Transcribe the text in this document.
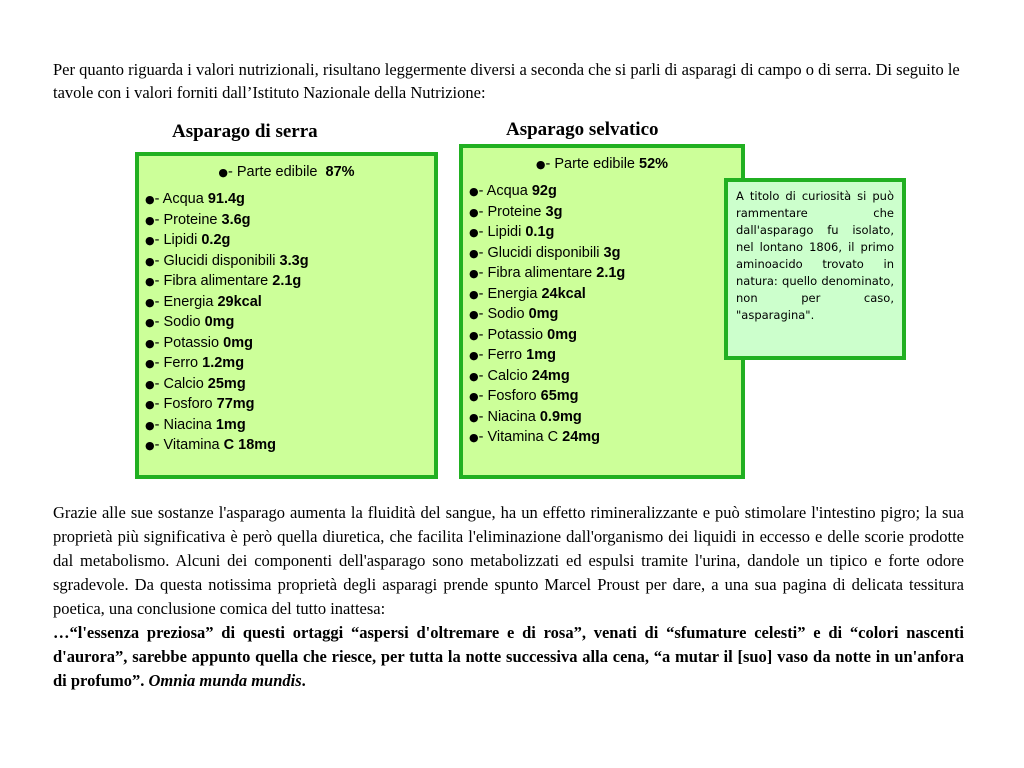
Per quanto riguarda i valori nutrizionali, risultano leggermente diversi a seconda che si parli di asparagi di campo o di serra. Di seguito le tavole con i valori forniti dall’Istituto Nazionale della Nutrizione:

Asparago di serra	Asparago selvatico
●- Parte edibile 87%
●- Acqua 91.4g
●- Proteine 3.6g
●- Lipidi 0.2g
●- Glucidi disponibili 3.3g
●- Fibra alimentare 2.1g
●- Energia 29kcal
●- Sodio 0mg
●- Potassio 0mg
●- Ferro 1.2mg
●- Calcio 25mg
●- Fosforo 77mg
●- Niacina 1mg
●- Vitamina C 18mg
●- Parte edibile 52%
●- Acqua 92g
●- Proteine 3g
●- Lipidi 0.1g
●- Glucidi disponibili 3g
●- Fibra alimentare 2.1g
●- Energia 24kcal
●- Sodio 0mg
●- Potassio 0mg
●- Ferro 1mg
●- Calcio 24mg
●- Fosforo 65mg
●- Niacina 0.9mg
●- Vitamina C 24mg

A titolo di curiosità si può rammentare che dall'asparago fu isolato, nel lontano 1806, il primo aminoacido trovato in natura: quello denominato, non per caso, "asparagina".

Grazie alle sue sostanze l'asparago aumenta la fluidità del sangue, ha un effetto rimineralizzante e può stimolare l'intestino pigro; la sua proprietà più significativa è però quella diuretica, che facilita l'eliminazione dall'organismo dei liquidi in eccesso e delle scorie prodotte dal metabolismo. Alcuni dei componenti dell'asparago sono metabolizzati ed espulsi tramite l'urina, dandole un tipico e forte odore sgradevole. Da questa notissima proprietà degli asparagi prende spunto Marcel Proust per dare, a una sua pagina di delicata tessitura poetica, una conclusione comica del tutto inattesa:

…“l'essenza preziosa” di questi ortaggi “aspersi d'oltremare e di rosa”, venati di “sfumature celesti” e di “colori nascenti d'aurora”, sarebbe appunto quella che riesce, per tutta la notte successiva alla cena, “a mutar il [suo] vaso da notte in un'anfora di profumo”. Omnia munda mundis.
